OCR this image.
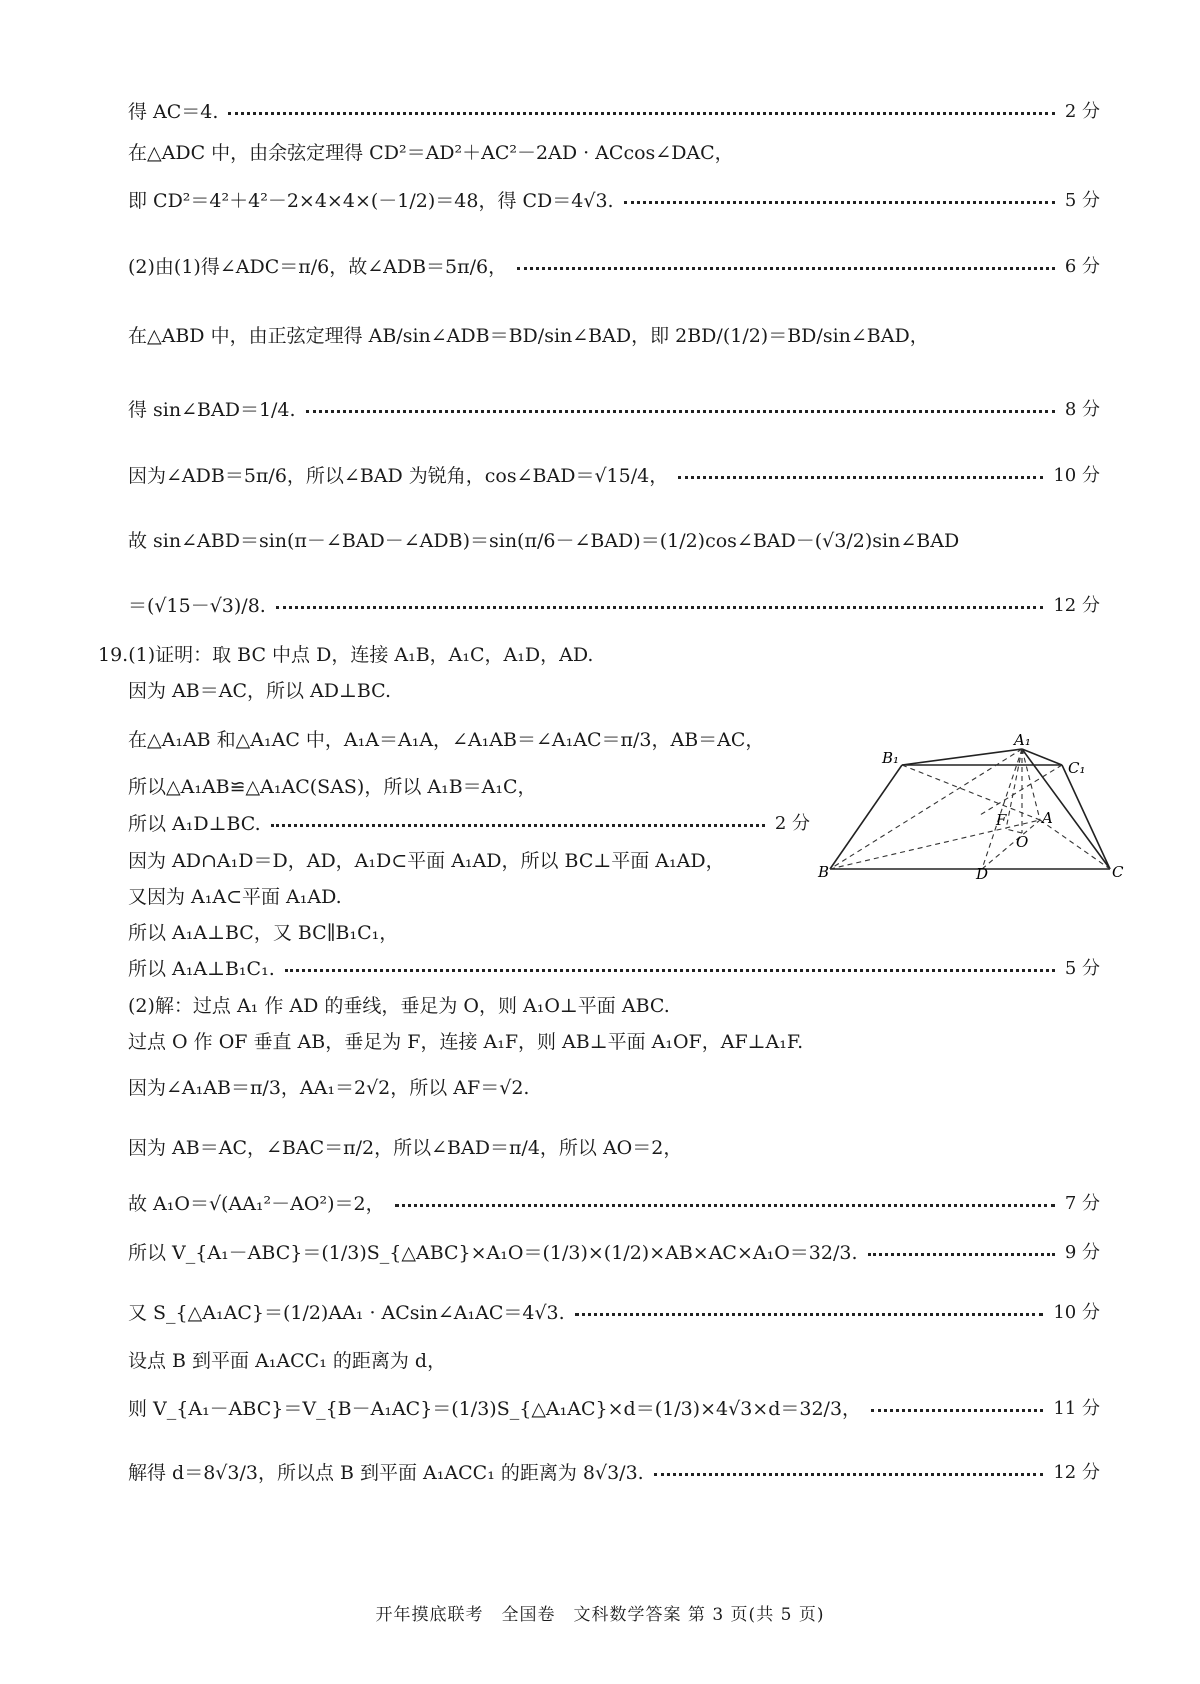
得 AC＝4.	2 分
在△ADC 中，由余弦定理得 CD²＝AD²＋AC²－2AD · ACcos∠DAC，
即 CD²＝4²＋4²－2×4×4×(－1/2)＝48，得 CD＝4√3.	5 分
(2)由(1)得∠ADC＝π/6，故∠ADB＝5π/6，	6 分
在△ABD 中，由正弦定理得 AB/sin∠ADB＝BD/sin∠BAD，即 2BD/(1/2)＝BD/sin∠BAD，
得 sin∠BAD＝1/4.	8 分
因为∠ADB＝5π/6，所以∠BAD 为锐角，cos∠BAD＝√15/4，	10 分
故 sin∠ABD＝sin(π－∠BAD－∠ADB)＝sin(π/6－∠BAD)＝(1/2)cos∠BAD－(√3/2)sin∠BAD
＝(√15－√3)/8.	12 分
19.(1)证明：取 BC 中点 D，连接 A₁B，A₁C，A₁D，AD.
因为 AB＝AC，所以 AD⊥BC.
在△A₁AB 和△A₁AC 中，A₁A＝A₁A，∠A₁AB＝∠A₁AC＝π/3，AB＝AC，
所以△A₁AB≌△A₁AC(SAS)，所以 A₁B＝A₁C，
所以 A₁D⊥BC.	2 分
因为 AD∩A₁D＝D，AD，A₁D⊂平面 A₁AD，所以 BC⊥平面 A₁AD，
又因为 A₁A⊂平面 A₁AD.
所以 A₁A⊥BC，又 BC∥B₁C₁，
所以 A₁A⊥B₁C₁.	5 分
(2)解：过点 A₁ 作 AD 的垂线，垂足为 O，则 A₁O⊥平面 ABC.
过点 O 作 OF 垂直 AB，垂足为 F，连接 A₁F，则 AB⊥平面 A₁OF，AF⊥A₁F.
因为∠A₁AB＝π/3，AA₁＝2√2，所以 AF＝√2.
因为 AB＝AC，∠BAC＝π/2，所以∠BAD＝π/4，所以 AO＝2，
故 A₁O＝√(AA₁²－AO²)＝2，	7 分
所以 V_{A₁－ABC}＝(1/3)S_{△ABC}×A₁O＝(1/3)×(1/2)×AB×AC×A₁O＝32/3.	9 分
又 S_{△A₁AC}＝(1/2)AA₁ · ACsin∠A₁AC＝4√3.	10 分
设点 B 到平面 A₁ACC₁ 的距离为 d，
则 V_{A₁－ABC}＝V_{B－A₁AC}＝(1/3)S_{△A₁AC}×d＝(1/3)×4√3×d＝32/3，	11 分
解得 d＝8√3/3，所以点 B 到平面 A₁ACC₁ 的距离为 8√3/3.	12 分
A₁
B₁
C₁
B	C
D
O
F A
开年摸底联考　全国卷　文科数学答案 第 3 页(共 5 页)
